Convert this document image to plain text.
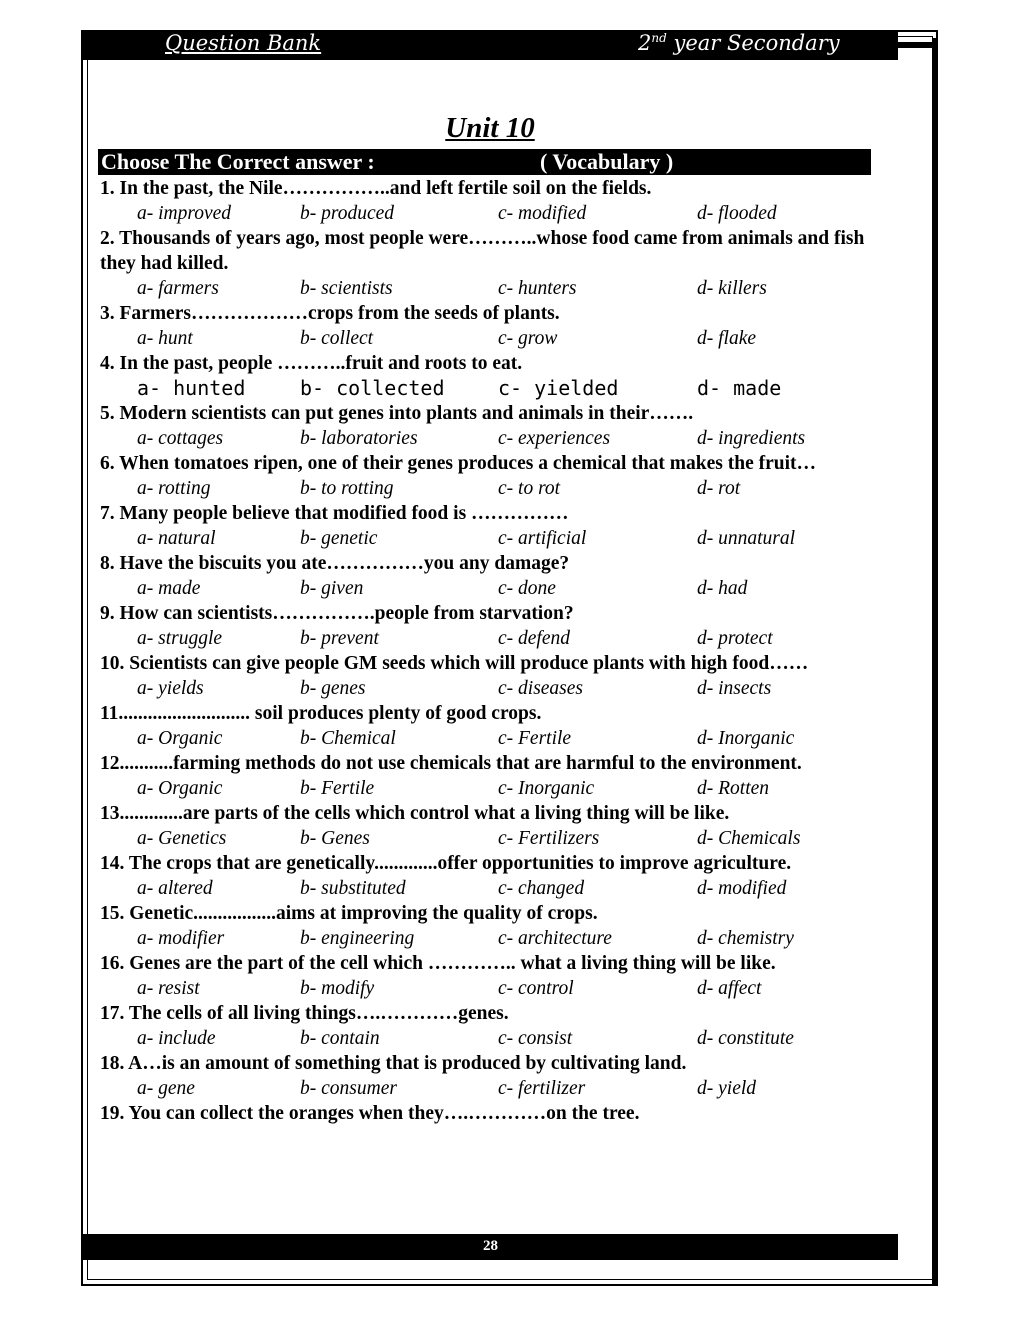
Question Bank	2nd year Secondary
Unit 10
Choose The Correct answer :	( Vocabulary )
1. In the past, the Nile……………..and left fertile soil on the fields.
a- improved	b- produced	c- modified	d- flooded
2. Thousands of years ago, most people were………..whose food came from animals and fish they had killed.
a- farmers	b- scientists	c- hunters	d- killers
3. Farmers………………crops from the seeds of plants.
a- hunt	b- collect	c- grow	d- flake
4. In the past, people ………..fruit and roots to eat.
a- hunted	b- collected	c- yielded	d- made
5. Modern scientists can put genes into plants and animals in their…….
a- cottages	b- laboratories	c- experiences	d- ingredients
6. When tomatoes ripen, one of their genes produces a chemical that makes the fruit…
a- rotting	b- to rotting	c- to rot	d- rot
7. Many people believe that modified food is ……………
a- natural	b- genetic	c- artificial	d- unnatural
8. Have the biscuits you ate……………you any damage?
a- made	b- given	c- done	d- had
9. How can scientists…………….people from starvation?
a- struggle	b- prevent	c- defend	d- protect
10. Scientists can give people GM seeds which will produce plants with high food……
a- yields	b- genes	c- diseases	d- insects
11........................... soil produces plenty of good crops.
a- Organic	b- Chemical	c- Fertile	d- Inorganic
12...........farming methods do not use chemicals that are harmful to the environment.
a- Organic	b- Fertile	c- Inorganic	d- Rotten
13.............are parts of the cells which control what a living thing will be like.
a- Genetics	b- Genes	c- Fertilizers	d- Chemicals
14. The crops that are genetically.............offer opportunities to improve agriculture.
a- altered	b- substituted	c- changed	d- modified
15. Genetic.................aims at improving the quality of crops.
a- modifier	b- engineering	c- architecture	d- chemistry
16. Genes are the part of the cell which ………….. what a living thing will be like.
a- resist	b- modify	c- control	d- affect
17. The cells of all living things….…………genes.
a- include	b- contain	c- consist	d- constitute
18. A…is an amount of something that is produced by cultivating land.
a- gene	b- consumer	c- fertilizer	d- yield
19. You can collect the oranges when they….…………on the tree.
28
